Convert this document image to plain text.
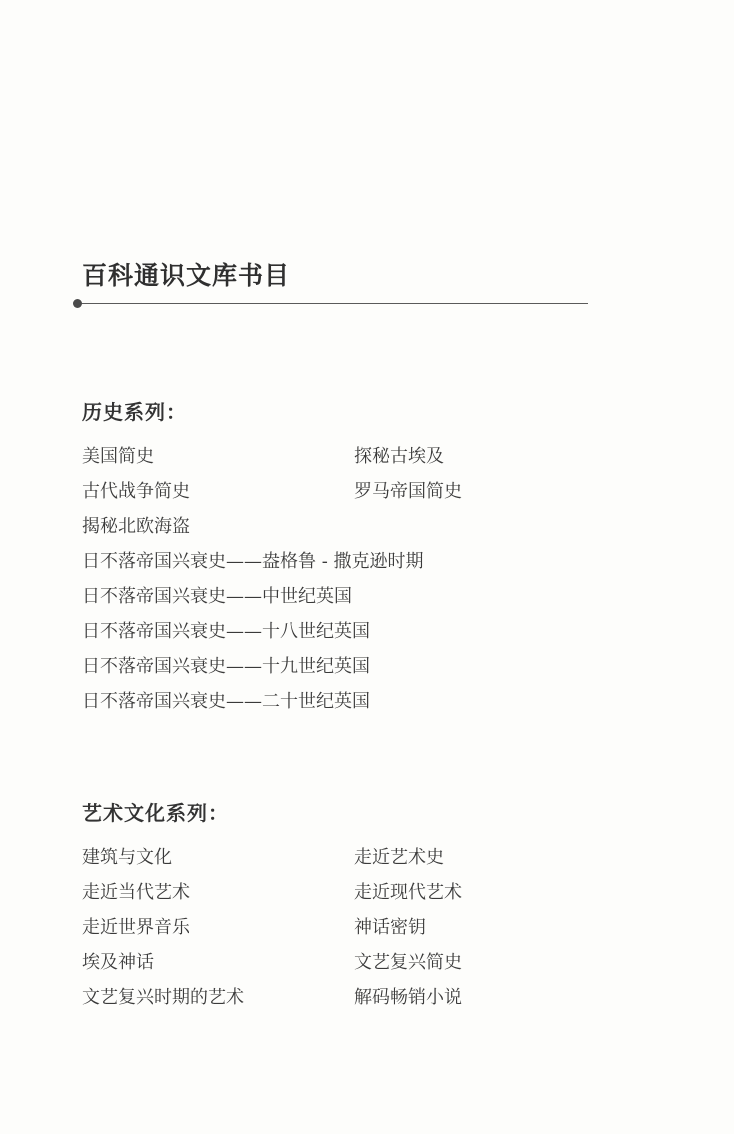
百科通识文库书目
历史系列：
美国简史	探秘古埃及
古代战争简史	罗马帝国简史
揭秘北欧海盗
日不落帝国兴衰史——盎格鲁 - 撒克逊时期
日不落帝国兴衰史——中世纪英国
日不落帝国兴衰史——十八世纪英国
日不落帝国兴衰史——十九世纪英国
日不落帝国兴衰史——二十世纪英国
艺术文化系列：
建筑与文化	走近艺术史
走近当代艺术	走近现代艺术
走近世界音乐	神话密钥
埃及神话	文艺复兴简史
文艺复兴时期的艺术	解码畅销小说
